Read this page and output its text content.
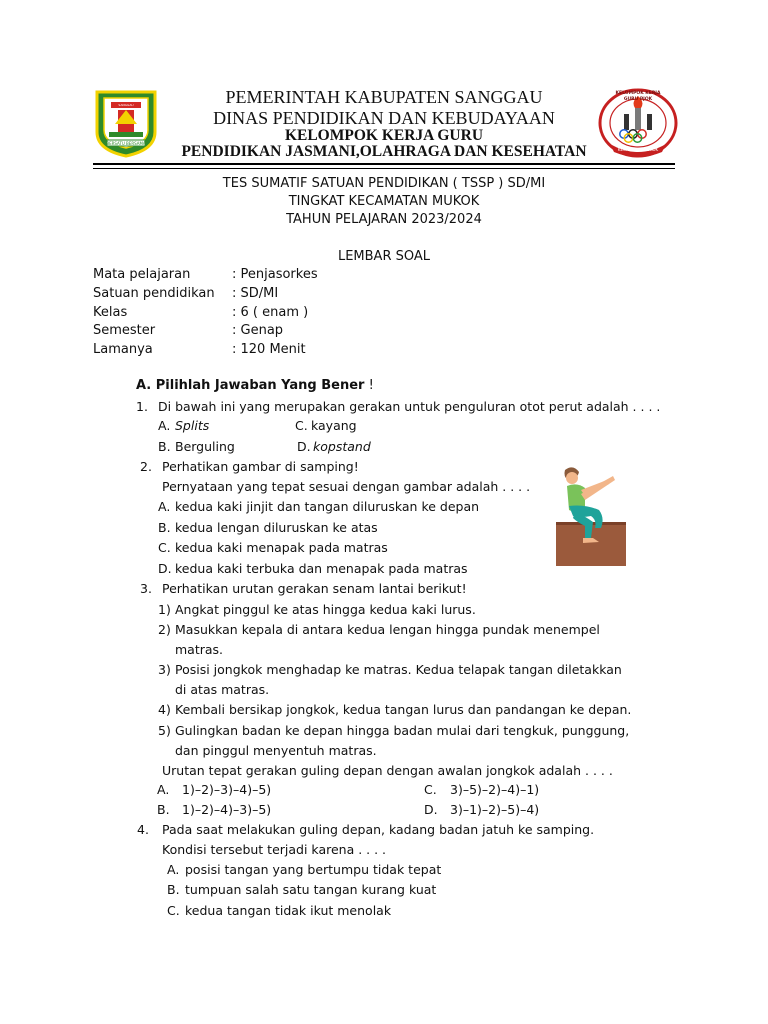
BERSATU BERSAMA
SANGGAU
KELOMPOK KERJA GURU PJOK
KECAMATAN MUKOK
PEMERINTAH KABUPATEN SANGGAU
DINAS PENDIDIKAN DAN KEBUDAYAAN
KELOMPOK KERJA GURU
PENDIDIKAN JASMANI,OLAHRAGA DAN KESEHATAN
TES SUMATIF SATUAN PENDIDIKAN ( TSSP ) SD/MI
TINGKAT KECAMATAN MUKOK
TAHUN PELAJARAN 2023/2024
LEMBAR SOAL
Mata pelajaran	: Penjasorkes
Satuan pendidikan : SD/MI
Kelas	: 6 ( enam )
Semester	: Genap
Lamanya	: 120 Menit
A. Pilihlah Jawaban Yang Bener !
1. Di bawah ini yang merupakan gerakan untuk penguluran otot perut adalah . . . .
A. Splits	C. kayang
B. Berguling	D. kopstand
2. Perhatikan gambar di samping!
Pernyataan yang tepat sesuai dengan gambar adalah . . . .
A. kedua kaki jinjit dan tangan diluruskan ke depan
B. kedua lengan diluruskan ke atas
C. kedua kaki menapak pada matras
D. kedua kaki terbuka dan menapak pada matras
3. Perhatikan urutan gerakan senam lantai berikut!
1) Angkat pinggul ke atas hingga kedua kaki lurus.
2) Masukkan kepala di antara kedua lengan hingga pundak menempel
matras.
3) Posisi jongkok menghadap ke matras. Kedua telapak tangan diletakkan
di atas matras.
4) Kembali bersikap jongkok, kedua tangan lurus dan pandangan ke depan.
5) Gulingkan badan ke depan hingga badan mulai dari tengkuk, punggung,
dan pinggul menyentuh matras.
Urutan tepat gerakan guling depan dengan awalan jongkok adalah . . . .
A. 1)–2)–3)–4)–5)	C. 3)–5)–2)–4)–1)
B. 1)–2)–4)–3)–5)	D. 3)–1)–2)–5)–4)
4. Pada saat melakukan guling depan, kadang badan jatuh ke samping.
Kondisi tersebut terjadi karena . . . .
A. posisi tangan yang bertumpu tidak tepat
B. tumpuan salah satu tangan kurang kuat
C. kedua tangan tidak ikut menolak
